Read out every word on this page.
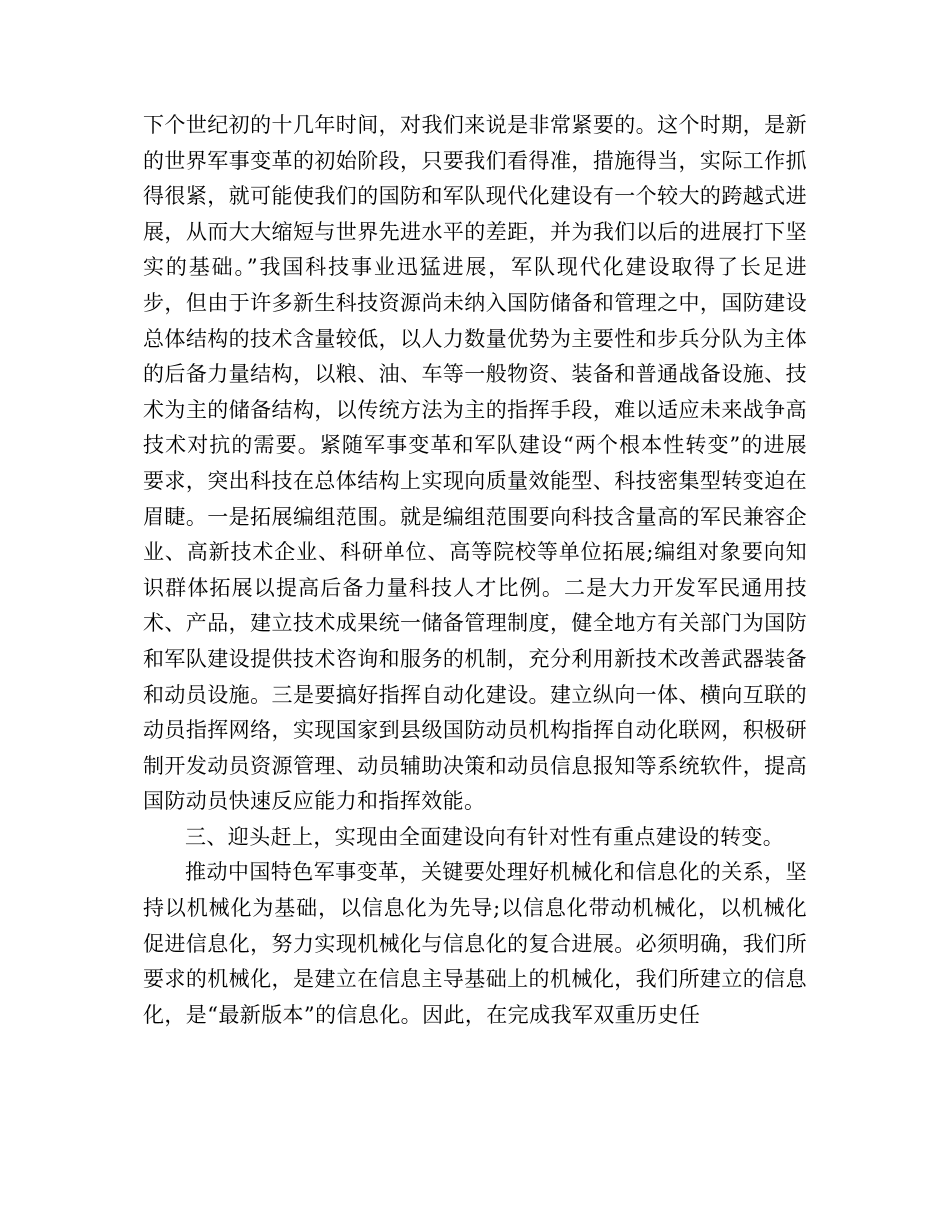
下个世纪初的十几年时间，对我们来说是非常紧要的。这个时期，是新的世界军事变革的初始阶段，只要我们看得准，措施得当，实际工作抓得很紧，就可能使我们的国防和军队现代化建设有一个较大的跨越式进展，从而大大缩短与世界先进水平的差距，并为我们以后的进展打下坚实的基础。”我国科技事业迅猛进展，军队现代化建设取得了长足进步，但由于许多新生科技资源尚未纳入国防储备和管理之中，国防建设总体结构的技术含量较低，以人力数量优势为主要性和步兵分队为主体的后备力量结构，以粮、油、车等一般物资、装备和普通战备设施、技术为主的储备结构，以传统方法为主的指挥手段，难以适应未来战争高技术对抗的需要。紧随军事变革和军队建设“两个根本性转变”的进展要求，突出科技在总体结构上实现向质量效能型、科技密集型转变迫在眉睫。一是拓展编组范围。就是编组范围要向科技含量高的军民兼容企业、高新技术企业、科研单位、高等院校等单位拓展;编组对象要向知识群体拓展以提高后备力量科技人才比例。二是大力开发军民通用技术、产品，建立技术成果统一储备管理制度，健全地方有关部门为国防和军队建设提供技术咨询和服务的机制，充分利用新技术改善武器装备和动员设施。三是要搞好指挥自动化建设。建立纵向一体、横向互联的动员指挥网络，实现国家到县级国防动员机构指挥自动化联网，积极研制开发动员资源管理、动员辅助决策和动员信息报知等系统软件，提高国防动员快速反应能力和指挥效能。

三、迎头赶上，实现由全面建设向有针对性有重点建设的转变。

推动中国特色军事变革，关键要处理好机械化和信息化的关系，坚持以机械化为基础，以信息化为先导;以信息化带动机械化，以机械化促进信息化，努力实现机械化与信息化的复合进展。必须明确，我们所要求的机械化，是建立在信息主导基础上的机械化，我们所建立的信息化，是“最新版本”的信息化。因此，在完成我军双重历史任
